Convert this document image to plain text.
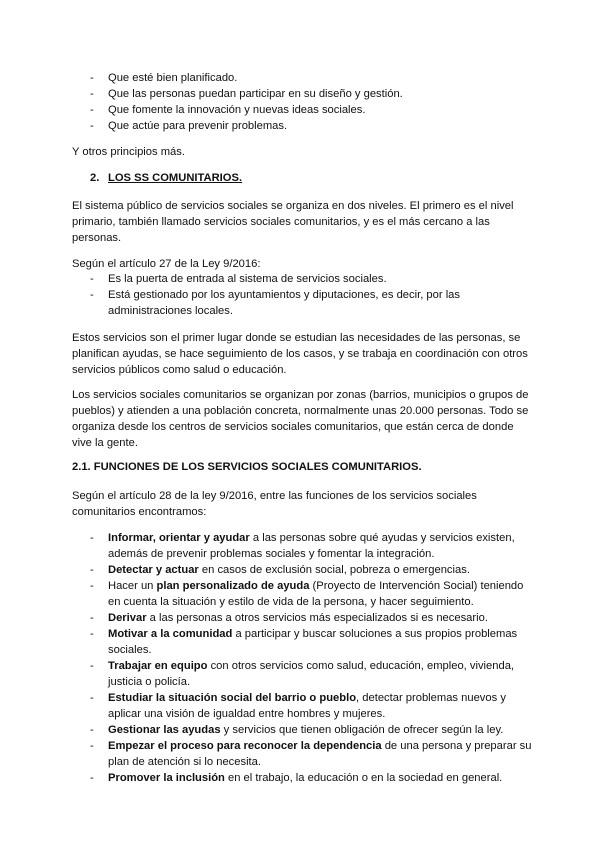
- Que esté bien planificado.
- Que las personas puedan participar en su diseño y gestión.
- Que fomente la innovación y nuevas ideas sociales.
- Que actúe para prevenir problemas.

Y otros principios más.

2. LOS SS COMUNITARIOS.

El sistema público de servicios sociales se organiza en dos niveles. El primero es el nivel primario, también llamado servicios sociales comunitarios, y es el más cercano a las personas.

Según el artículo 27 de la Ley 9/2016:

- Es la puerta de entrada al sistema de servicios sociales.
- Está gestionado por los ayuntamientos y diputaciones, es decir, por las administraciones locales.

Estos servicios son el primer lugar donde se estudian las necesidades de las personas, se planifican ayudas, se hace seguimiento de los casos, y se trabaja en coordinación con otros servicios públicos como salud o educación.

Los servicios sociales comunitarios se organizan por zonas (barrios, municipios o grupos de pueblos) y atienden a una población concreta, normalmente unas 20.000 personas. Todo se organiza desde los centros de servicios sociales comunitarios, que están cerca de donde vive la gente.

2.1. FUNCIONES DE LOS SERVICIOS SOCIALES COMUNITARIOS.

Según el artículo 28 de la ley 9/2016, entre las funciones de los servicios sociales comunitarios encontramos:

- Informar, orientar y ayudar a las personas sobre qué ayudas y servicios existen, además de prevenir problemas sociales y fomentar la integración.
- Detectar y actuar en casos de exclusión social, pobreza o emergencias.
- Hacer un plan personalizado de ayuda (Proyecto de Intervención Social) teniendo en cuenta la situación y estilo de vida de la persona, y hacer seguimiento.
- Derivar a las personas a otros servicios más especializados si es necesario.
- Motivar a la comunidad a participar y buscar soluciones a sus propios problemas sociales.
- Trabajar en equipo con otros servicios como salud, educación, empleo, vivienda, justicia o policía.
- Estudiar la situación social del barrio o pueblo, detectar problemas nuevos y aplicar una visión de igualdad entre hombres y mujeres.
- Gestionar las ayudas y servicios que tienen obligación de ofrecer según la ley.
- Empezar el proceso para reconocer la dependencia de una persona y preparar su plan de atención si lo necesita.
- Promover la inclusión en el trabajo, la educación o en la sociedad en general.
